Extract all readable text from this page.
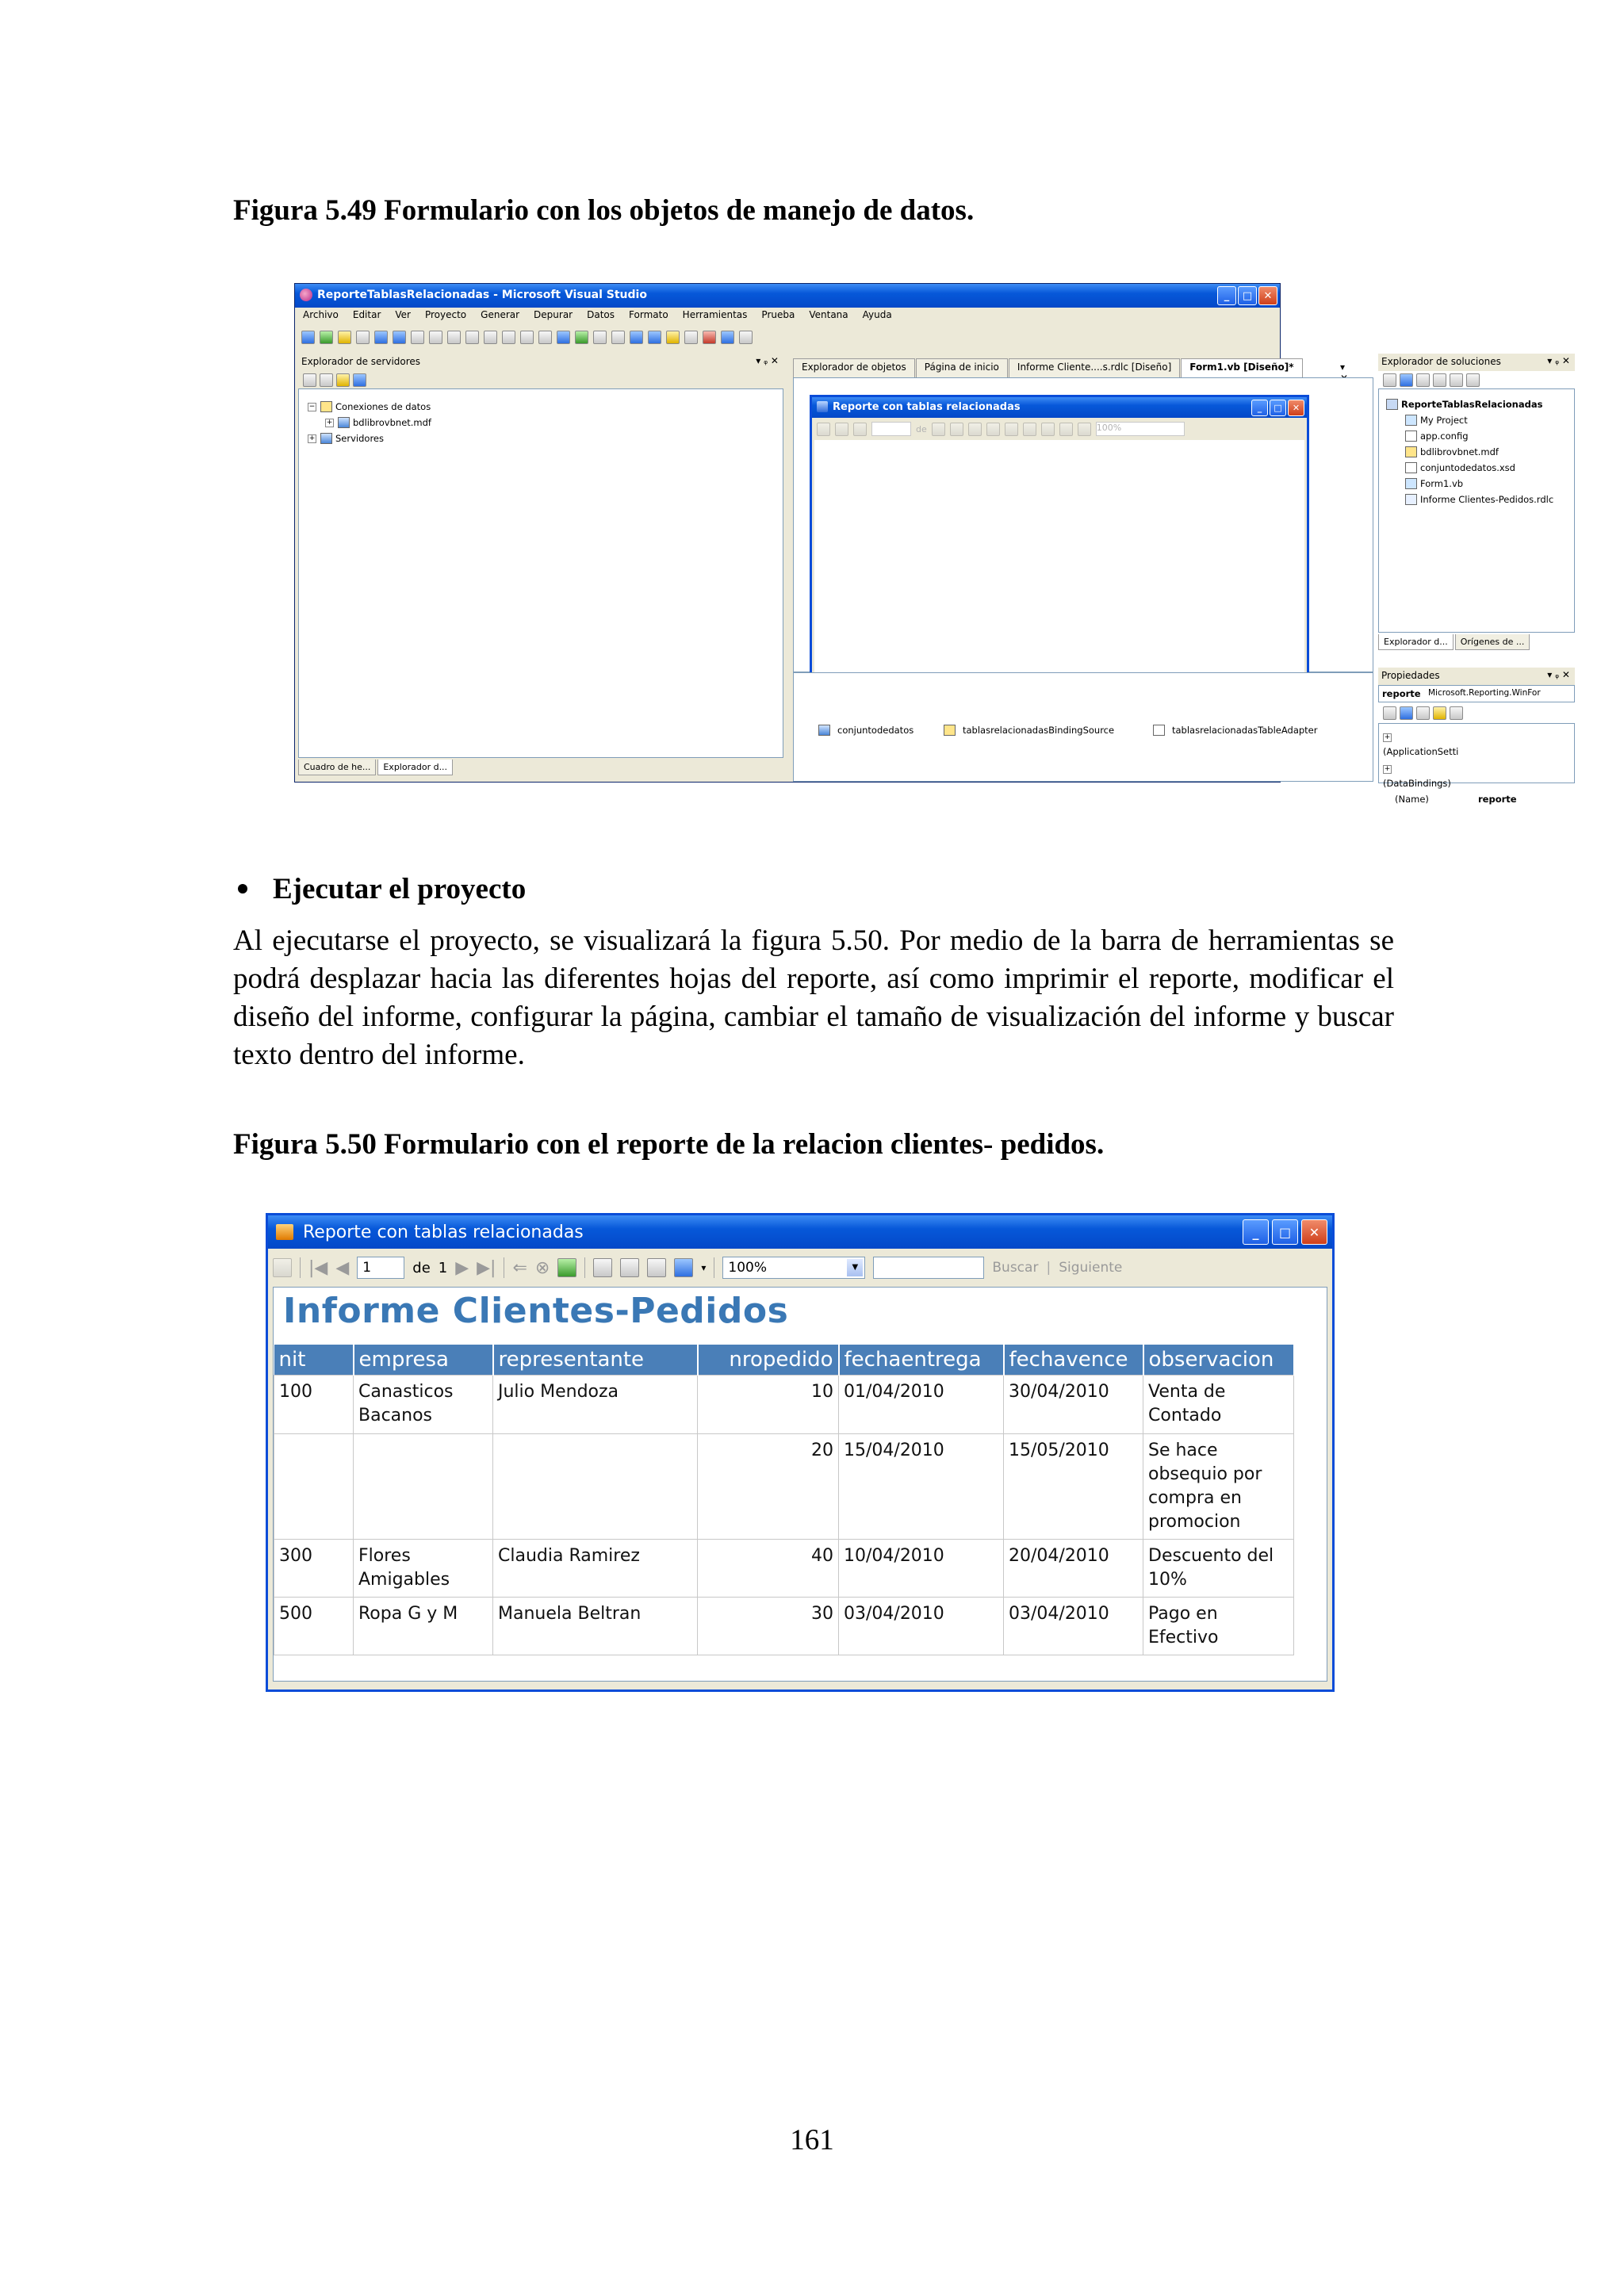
Figura 5.49 Formulario con los objetos de manejo de datos.
ReporteTablasRelacionadas - Microsoft Visual Studio	_	□	✕
Archivo Editar Ver Proyecto Generar Depurar Datos Formato Herramientas Prueba Ventana Ayuda
Explorador de servidores	▾ ᵩ ✕
− Conexiones de datos
+ bdlibrovbnet.mdf
+ Servidores
Cuadro de he...	Explorador d...
Explorador de objetos	Página de inicio	Informe Cliente....s.rdlc [Diseño]	Form1.vb [Diseño]*	▾
Reporte con tablas relacionadas	_	□	✕
de	100%
conjuntodedatos	tablasrelacionadasBindingSource	tablasrelacionadasTableAdapter
Explorador de soluciones	▾ ᵩ ✕
ReporteTablasRelacionadas
My Project
app.config
bdlibrovbnet.mdf
conjuntodedatos.xsd
Form1.vb
Informe Clientes-Pedidos.rdlc
Explorador d...	Orígenes de ...
Propiedades	▾ ᵩ ✕
reporte Microsoft.Reporting.WinFor
+(ApplicationSetti
+(DataBindings)
(Name)	reporte
Ejecutar el proyecto
Al ejecutarse el proyecto, se visualizará la figura 5.50. Por medio de la barra de herramientas se podrá desplazar hacia las diferentes hojas del reporte, así como imprimir el reporte, modificar el diseño del informe, configurar la página, cambiar el tamaño de visualización del informe y buscar texto dentro del informe.
Figura 5.50 Formulario con el reporte de la relacion clientes- pedidos.
Reporte con tablas relacionadas	_	□	✕
|◀ ◀	1	de 1 ▶ ▶| ⇐ ⊗	▾	100%	▼	Buscar | Siguiente
Informe Clientes-Pedidos
nit	empresa	representante	nropedido	fechaentrega	fechavence	observacion
100	Canasticos Bacanos	Julio Mendoza	10	01/04/2010	30/04/2010	Venta de Contado
			20	15/04/2010	15/05/2010	Se hace obsequio por compra en promocion
300	Flores Amigables	Claudia Ramirez	40	10/04/2010	20/04/2010	Descuento del 10%
500	Ropa G y M	Manuela Beltran	30	03/04/2010	03/04/2010	Pago en Efectivo
161
